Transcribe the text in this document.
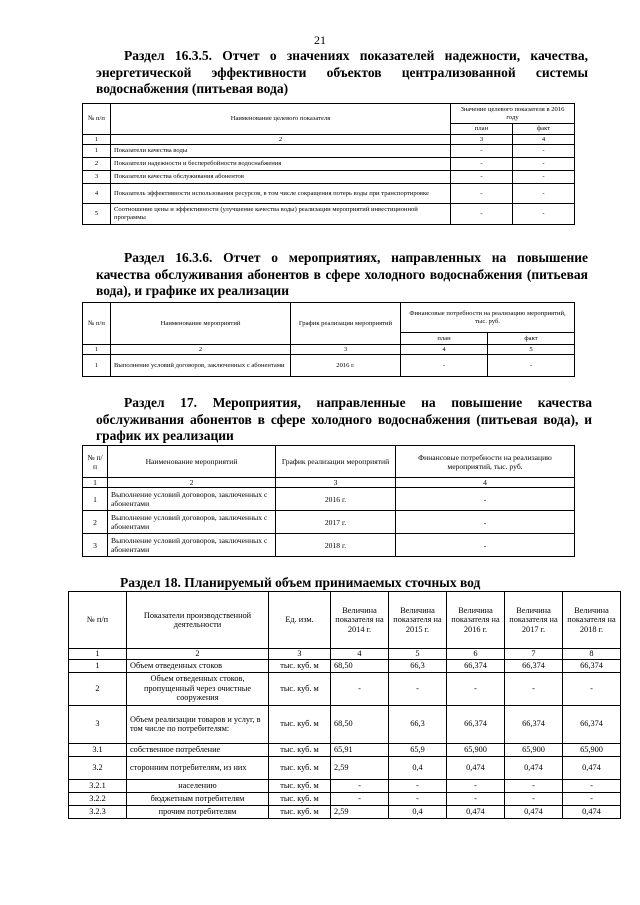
21
Раздел 16.3.5. Отчет о значениях показателей надежности, качества, энергетической эффективности объектов централизованной системы водоснабжения (питьевая вода)
№ п/п	Наименование целевого показателя	Значение целевого показателя в 2016 году	
		план	факт
1	2	3	4
1	Показатели качества воды	-	-
2	Показатели надежности и бесперебойности водоснабжения	-	-
3	Показатели качества обслуживания абонентов	-	-
4	Показатель эффективности использования ресурсов, в том числе сокращения потерь воды при транспортировке	-	-
5	Соотношение цены и эффективности (улучшение качества воды) реализации мероприятий инвестиционной программы	-	-
Раздел 16.3.6. Отчет о мероприятиях, направленных на повышение качества обслуживания абонентов в сфере холодного водоснабжения (питьевая вода), и графике их реализации
№ п/п	Наименование мероприятий	График реализации мероприятий	Финансовые потребности на реализацию мероприятий, тыс. руб.	
			план	факт
1	2	3	4	5
1	Выполнение условий договоров, заключенных с абонентами	2016 г.	-	-
Раздел 17. Мероприятия, направленные на повышение качества обслуживания абонентов в сфере холодного водоснабжения (питьевая вода), и график их реализации
№ п/п	Наименование мероприятий	График реализации мероприятий	Финансовые потребности на реализацию мероприятий, тыс. руб.
1	2	3	4
1	Выполнение условий договоров, заключенных с абонентами	2016 г.	-
2	Выполнение условий договоров, заключенных с абонентами	2017 г.	-
3	Выполнение условий договоров, заключенных с абонентами	2018 г.	-
Раздел 18. Планируемый объем принимаемых сточных вод
№ п/п	Показатели производственной деятельности	Ед. изм.	Величина показателя на 2014 г.	Величина показателя на 2015 г.	Величина показателя на 2016 г.	Величина показателя на 2017 г.	Величина показателя на 2018 г.
1	2	3	4	5	6	7	8
1	Объем отведенных стоков	тыс. куб. м	68,50	66,3	66,374	66,374	66,374
2	Объем отведенных стоков, пропущенный через очистные сооружения	тыс. куб. м	-	-	-	-	-
3	Объем реализации товаров и услуг, в том числе по потребителям:	тыс. куб. м	68,50	66,3	66,374	66,374	66,374
3.1	собственное потребление	тыс. куб. м	65,91	65,9	65,900	65,900	65,900
3.2	сторонним потребителям, из них	тыс. куб. м	2,59	0,4	0,474	0,474	0,474
3.2.1	населению	тыс. куб. м	-	-	-	-	-
3.2.2	бюджетным потребителям	тыс. куб. м	-	-	-	-	-
3.2.3	прочим потребителям	тыс. куб. м	2,59	0,4	0,474	0,474	0,474
